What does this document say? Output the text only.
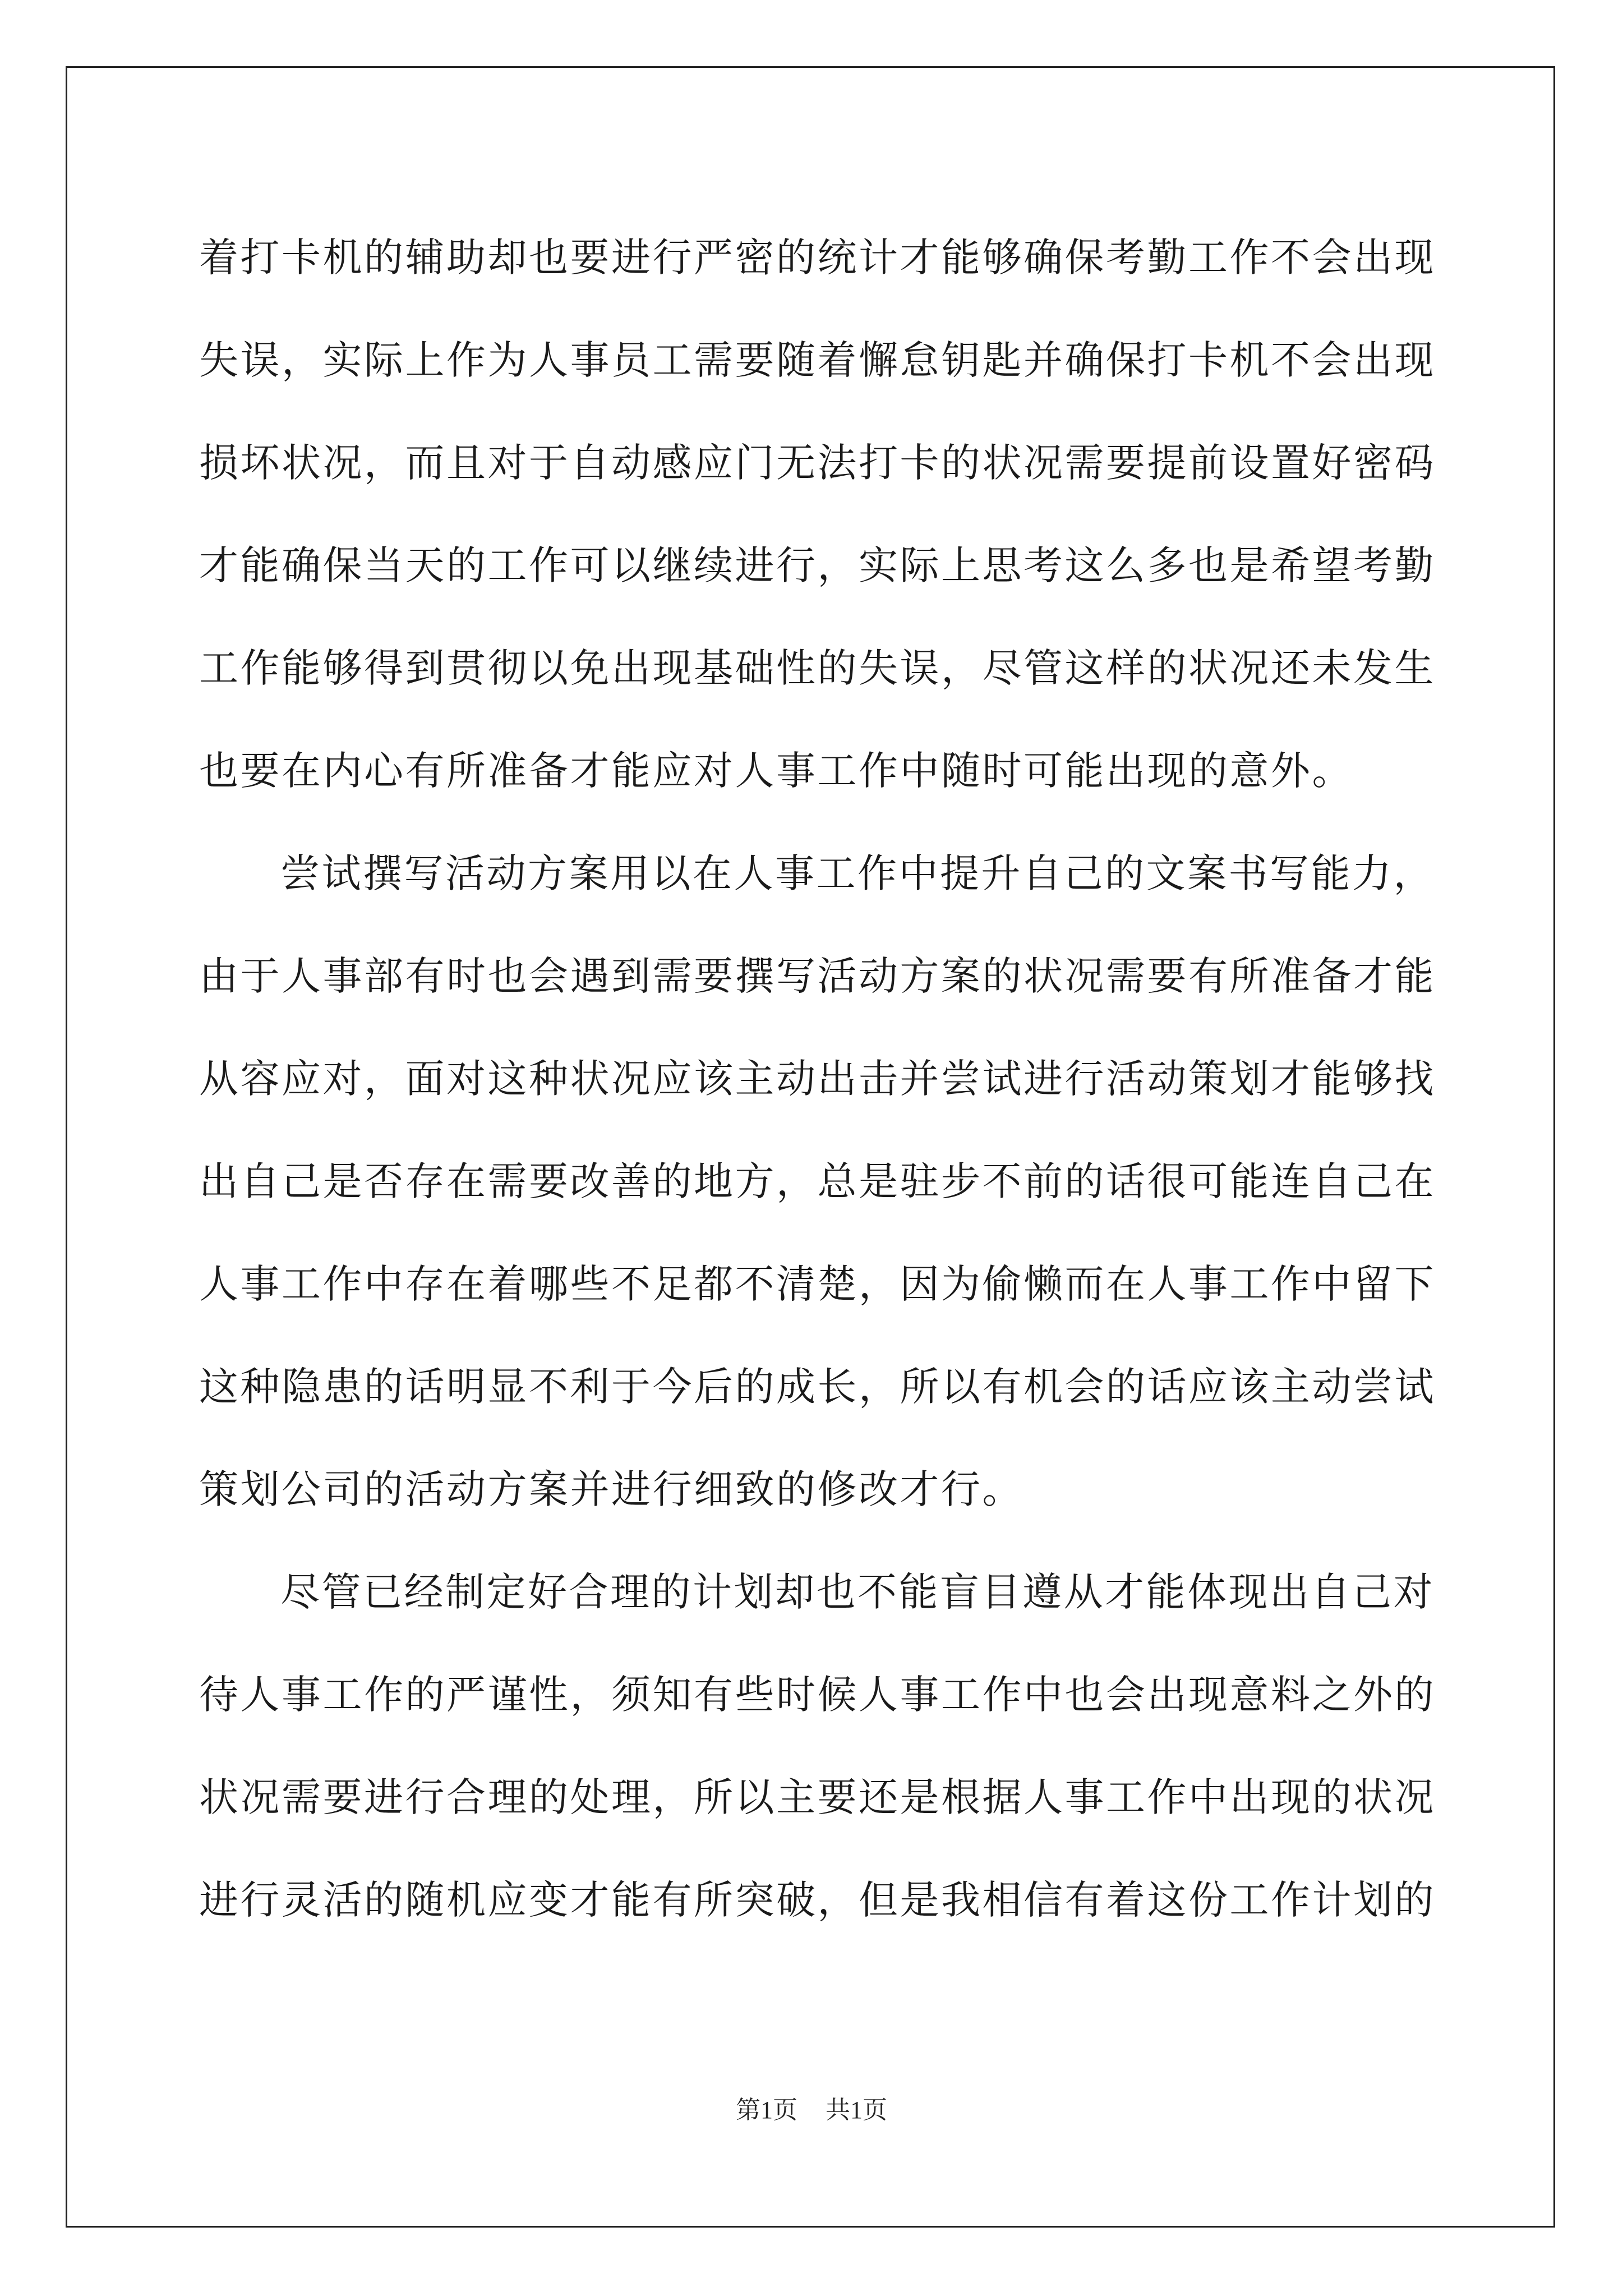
着打卡机的辅助却也要进行严密的统计才能够确保考勤工作不会出现
失误，实际上作为人事员工需要随着懈怠钥匙并确保打卡机不会出现
损坏状况，而且对于自动感应门无法打卡的状况需要提前设置好密码
才能确保当天的工作可以继续进行，实际上思考这么多也是希望考勤
工作能够得到贯彻以免出现基础性的失误，尽管这样的状况还未发生
也要在内心有所准备才能应对人事工作中随时可能出现的意外。
尝试撰写活动方案用以在人事工作中提升自己的文案书写能力，
由于人事部有时也会遇到需要撰写活动方案的状况需要有所准备才能
从容应对，面对这种状况应该主动出击并尝试进行活动策划才能够找
出自己是否存在需要改善的地方，总是驻步不前的话很可能连自己在
人事工作中存在着哪些不足都不清楚，因为偷懒而在人事工作中留下
这种隐患的话明显不利于今后的成长，所以有机会的话应该主动尝试
策划公司的活动方案并进行细致的修改才行。
尽管已经制定好合理的计划却也不能盲目遵从才能体现出自己对
待人事工作的严谨性，须知有些时候人事工作中也会出现意料之外的
状况需要进行合理的处理，所以主要还是根据人事工作中出现的状况
进行灵活的随机应变才能有所突破，但是我相信有着这份工作计划的
第1页 共1页
